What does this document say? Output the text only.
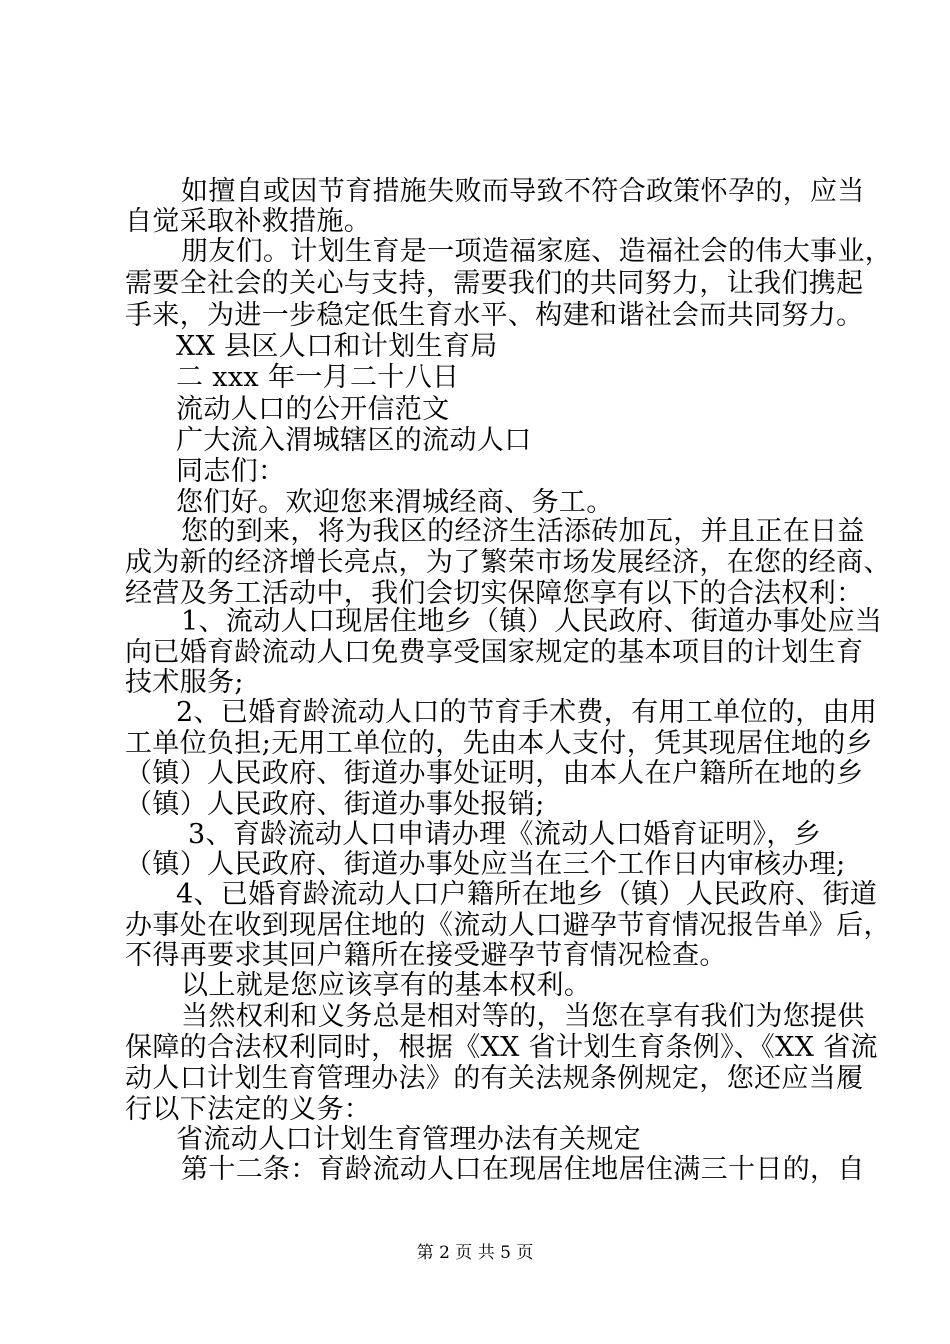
如擅自或因节育措施失败而导致不符合政策怀孕的，应当
自觉采取补救措施。
朋友们。计划生育是一项造福家庭、造福社会的伟大事业，
需要全社会的关心与支持，需要我们的共同努力，让我们携起
手来，为进一步稳定低生育水平、构建和谐社会而共同努力。
XX 县区人口和计划生育局
二 xxx 年一月二十八日
流动人口的公开信范文
广大流入渭城辖区的流动人口
同志们：
您们好。欢迎您来渭城经商、务工。
您的到来，将为我区的经济生活添砖加瓦，并且正在日益
成为新的经济增长亮点，为了繁荣市场发展经济，在您的经商、
经营及务工活动中，我们会切实保障您享有以下的合法权利：
1、流动人口现居住地乡（镇）人民政府、街道办事处应当
向已婚育龄流动人口免费享受国家规定的基本项目的计划生育
技术服务;
2、已婚育龄流动人口的节育手术费，有用工单位的，由用
工单位负担;无用工单位的，先由本人支付，凭其现居住地的乡
（镇）人民政府、街道办事处证明，由本人在户籍所在地的乡
（镇）人民政府、街道办事处报销;
3、育龄流动人口申请办理《流动人口婚育证明》，乡
（镇）人民政府、街道办事处应当在三个工作日内审核办理;
4、已婚育龄流动人口户籍所在地乡（镇）人民政府、街道
办事处在收到现居住地的《流动人口避孕节育情况报告单》后，
不得再要求其回户籍所在接受避孕节育情况检查。
以上就是您应该享有的基本权利。
当然权利和义务总是相对等的，当您在享有我们为您提供
保障的合法权利同时，根据《XX 省计划生育条例》、《XX 省流
动人口计划生育管理办法》的有关法规条例规定，您还应当履
行以下法定的义务：
省流动人口计划生育管理办法有关规定
第十二条：育龄流动人口在现居住地居住满三十日的，自
第 2 页 共 5 页
